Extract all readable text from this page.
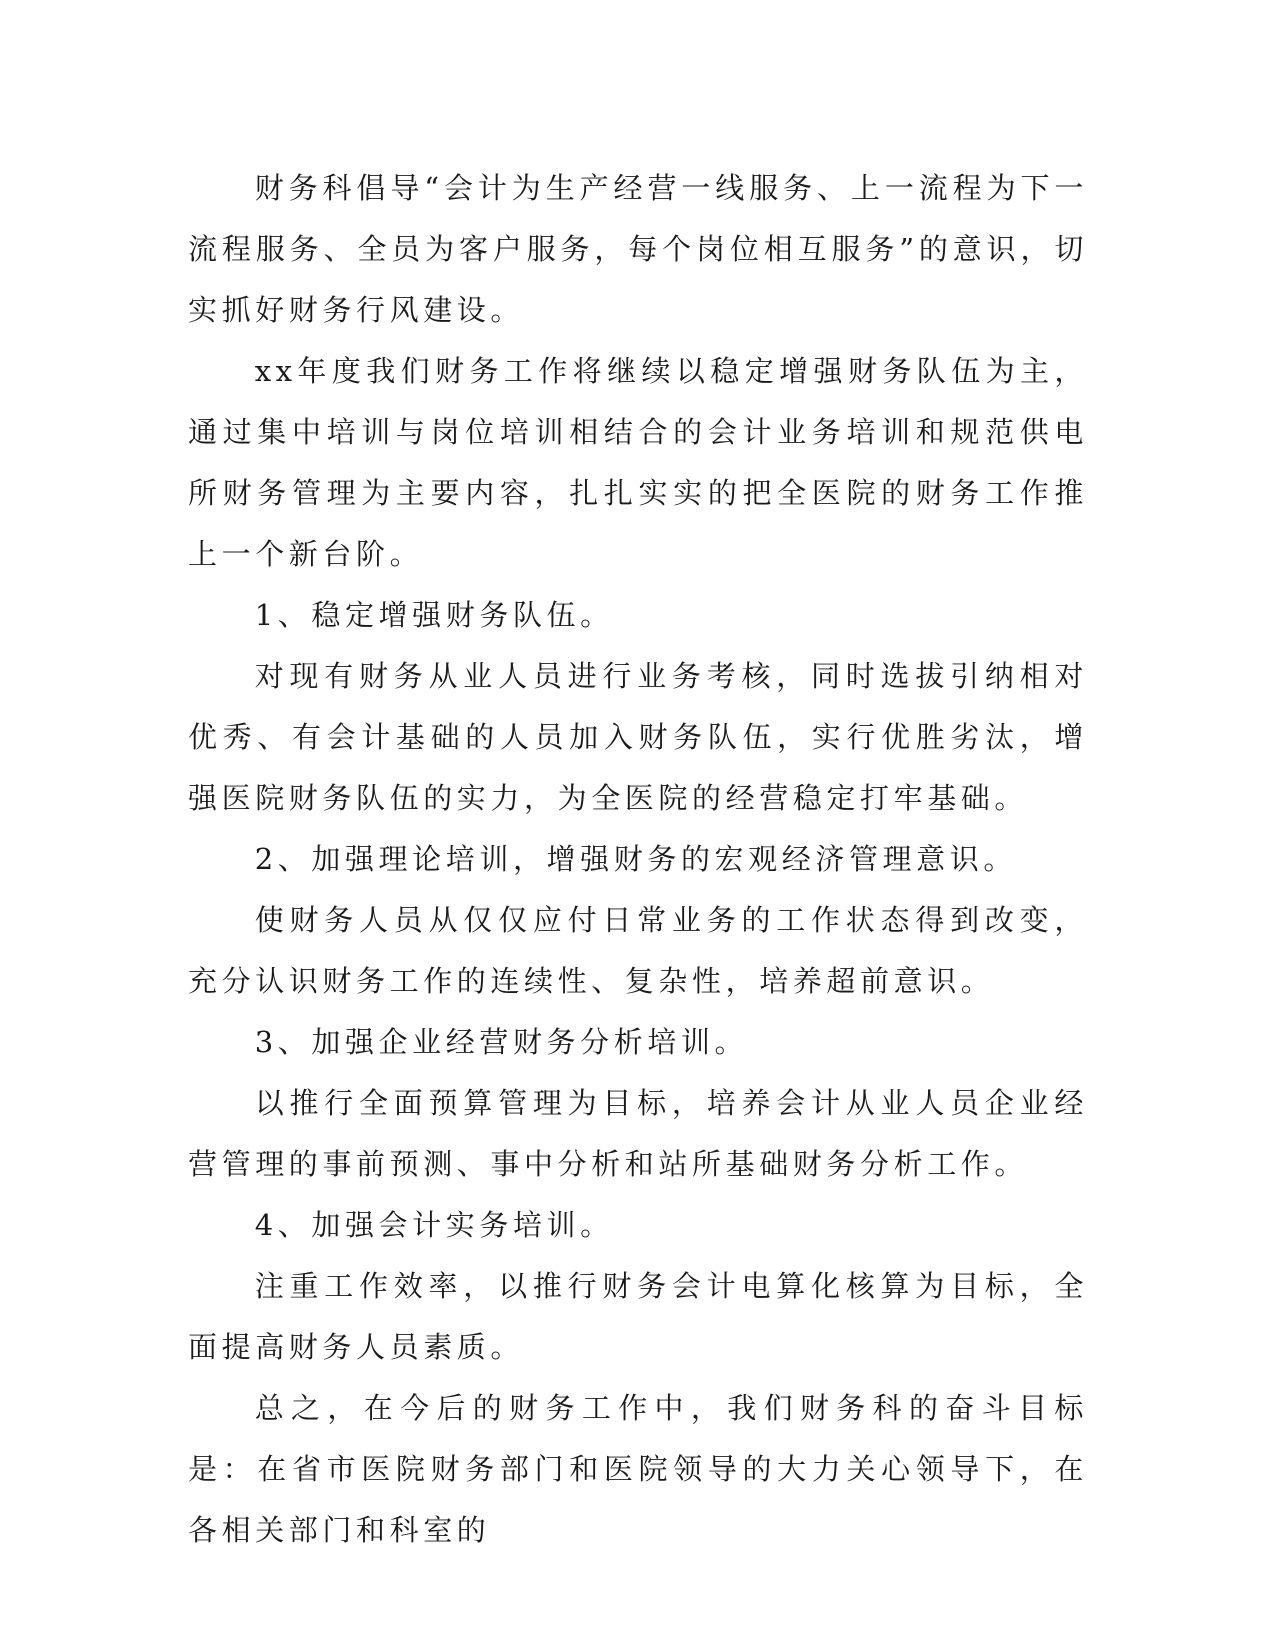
财务科倡导“会计为生产经营一线服务、上一流程为下一流程服务、全员为客户服务，每个岗位相互服务”的意识，切实抓好财务行风建设。

xx年度我们财务工作将继续以稳定增强财务队伍为主，通过集中培训与岗位培训相结合的会计业务培训和规范供电所财务管理为主要内容，扎扎实实的把全医院的财务工作推上一个新台阶。

1、稳定增强财务队伍。

对现有财务从业人员进行业务考核，同时选拔引纳相对优秀、有会计基础的人员加入财务队伍，实行优胜劣汰，增强医院财务队伍的实力，为全医院的经营稳定打牢基础。

2、加强理论培训，增强财务的宏观经济管理意识。

使财务人员从仅仅应付日常业务的工作状态得到改变，充分认识财务工作的连续性、复杂性，培养超前意识。

3、加强企业经营财务分析培训。

以推行全面预算管理为目标，培养会计从业人员企业经营管理的事前预测、事中分析和站所基础财务分析工作。

4、加强会计实务培训。

注重工作效率，以推行财务会计电算化核算为目标，全面提高财务人员素质。

总之，在今后的财务工作中，我们财务科的奋斗目标是：在省市医院财务部门和医院领导的大力关心领导下，在各相关部门和科室的
